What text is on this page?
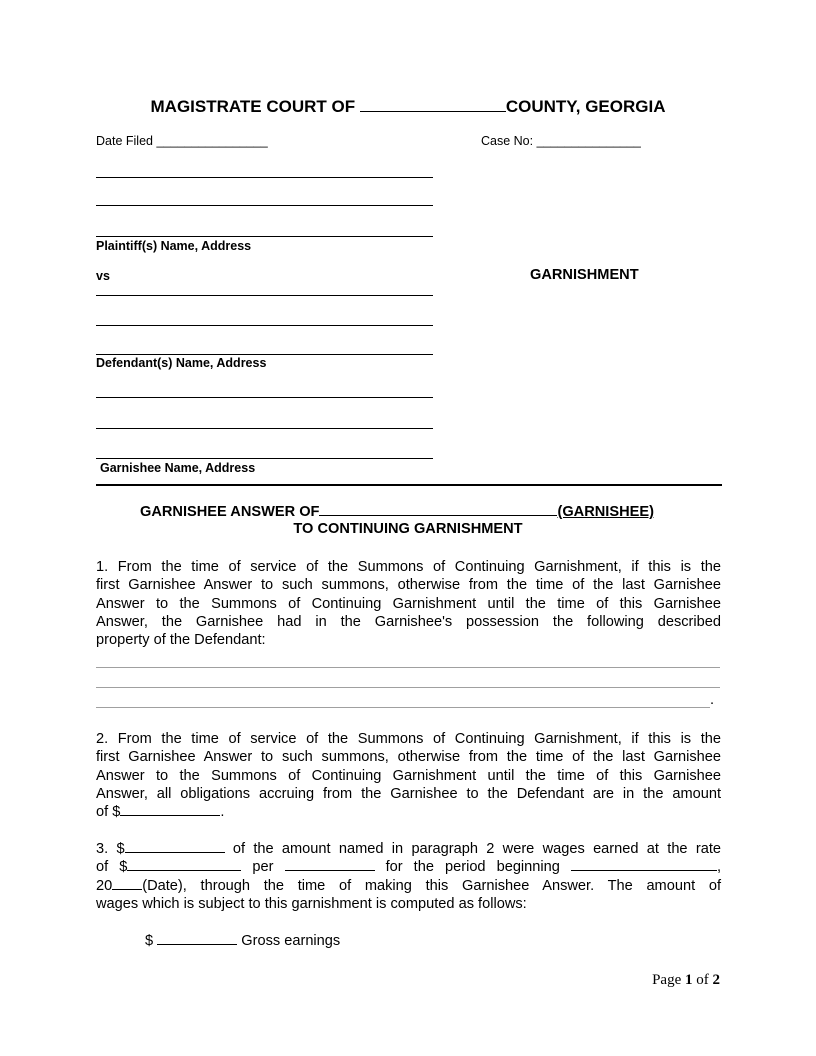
MAGISTRATE COURT OF	COUNTY, GEORGIA
Date Filed ________________	Case No: _______________
Plaintiff(s) Name, Address
vs	GARNISHMENT
Defendant(s) Name, Address
Garnishee Name, Address
GARNISHEE ANSWER OF	(GARNISHEE)
TO CONTINUING GARNISHMENT
1. From the time of service of the Summons of Continuing Garnishment, if this is the
first Garnishee Answer to such summons, otherwise from the time of the last Garnishee
Answer to the Summons of Continuing Garnishment until the time of this Garnishee
Answer, the Garnishee had in the Garnishee's possession the following described
property of the Defendant:
.
2. From the time of service of the Summons of Continuing Garnishment, if this is the
first Garnishee Answer to such summons, otherwise from the time of the last Garnishee
Answer to the Summons of Continuing Garnishment until the time of this Garnishee
Answer, all obligations accruing from the Garnishee to the Defendant are in the amount
of $	.
3. $	of the amount named in paragraph 2 were wages earned at the rate
of $	per	for the period beginning	,
20 (Date), through the time of making this Garnishee Answer. The amount of
wages which is subject to this garnishment is computed as follows:
$	Gross earnings
Page 1 of 2
